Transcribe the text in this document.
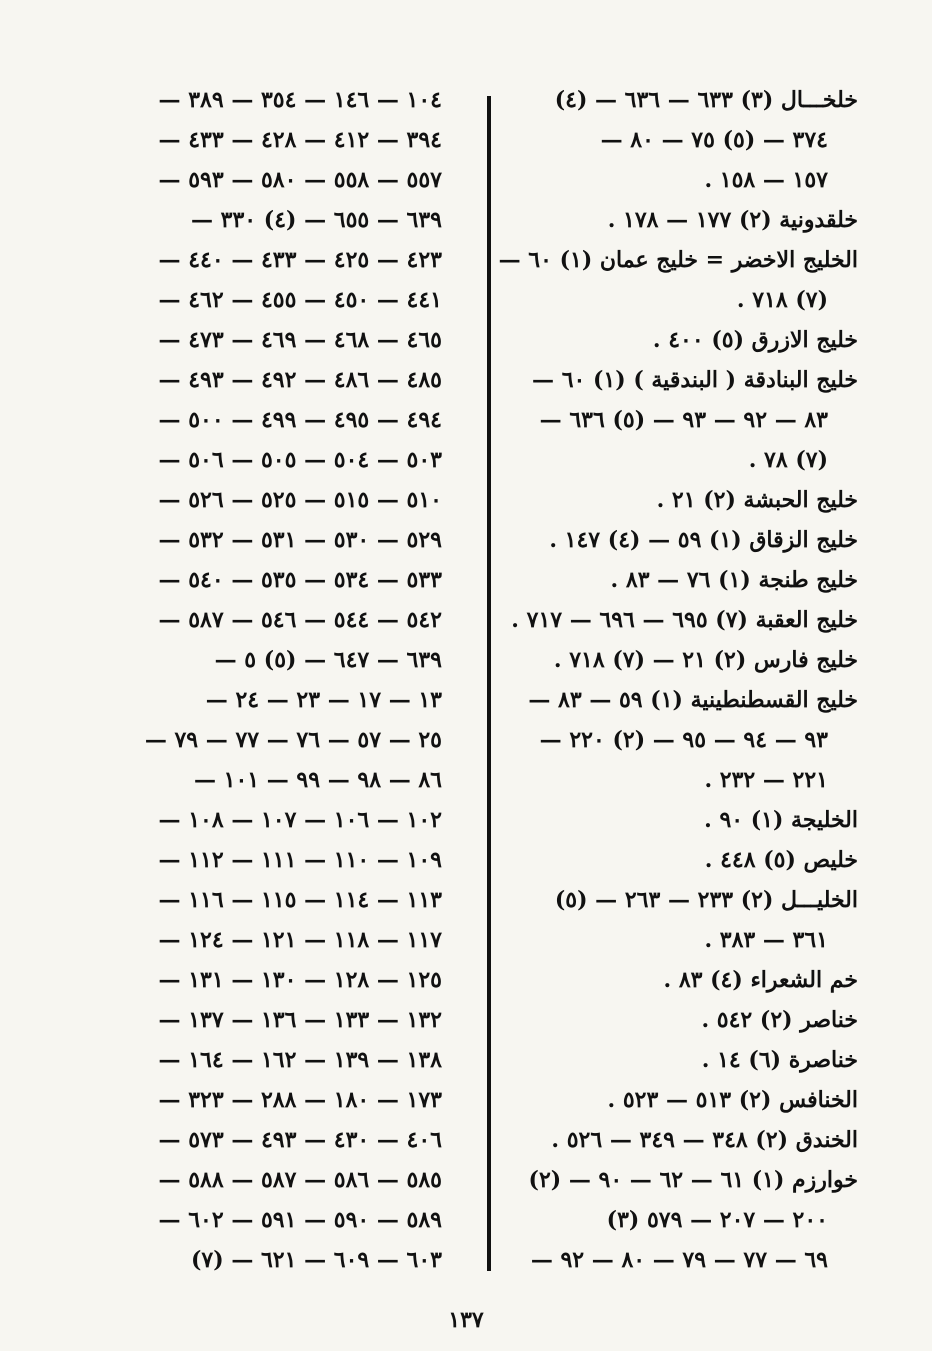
خلخـــال (٣) ٦٣٣ — ٦٣٦ — (٤)
٣٧٤ — (٥) ٧٥ — ٨٠ —
١٥٧ — ١٥٨ .
خلقدونية (٢) ١٧٧ — ١٧٨ .
الخليج الاخضر = خليج عمان (١) ٦٠ —
(٧) ٧١٨ .
خليج الازرق (٥) ٤٠٠ .
خليج البنادقة ( البندقية ) (١) ٦٠ —
٨٣ — ٩٢ — ٩٣ — (٥) ٦٣٦ —
(٧) ٧٨ .
خليج الحبشة (٢) ٢١ .
خليج الزقاق (١) ٥٩ — (٤) ١٤٧ .
خليج طنجة (١) ٧٦ — ٨٣ .
خليج العقبة (٧) ٦٩٥ — ٦٩٦ — ٧١٧ .
خليج فارس (٢) ٢١ — (٧) ٧١٨ .
خليج القسطنطينية (١) ٥٩ — ٨٣ —
٩٣ — ٩٤ — ٩٥ — (٢) ٢٢٠ —
٢٢١ — ٢٣٢ .
الخليجة (١) ٩٠ .
خليص (٥) ٤٤٨ .
الخليـــل (٢) ٢٣٣ — ٢٦٣ — (٥)
٣٦١ — ٣٨٣ .
خم الشعراء (٤) ٨٣ .
خناصر (٢) ٥٤٢ .
خناصرة (٦) ١٤ .
الخنافس (٢) ٥١٣ — ٥٢٣ .
الخندق (٢) ٣٤٨ — ٣٤٩ — ٥٢٦ .
خوارزم (١) ٦١ — ٦٢ — ٩٠ — (٢)
٢٠٠ — ٢٠٧ — ٥٧٩ (٣)
٦٩ — ٧٧ — ٧٩ — ٨٠ — ٩٢ —
١٠٤ — ١٤٦ — ٣٥٤ — ٣٨٩ —
٣٩٤ — ٤١٢ — ٤٢٨ — ٤٣٣ —
٥٥٧ — ٥٥٨ — ٥٨٠ — ٥٩٣ —
٦٣٩ — ٦٥٥ — (٤) ٣٣٠ —
٤٢٣ — ٤٢٥ — ٤٣٣ — ٤٤٠ —
٤٤١ — ٤٥٠ — ٤٥٥ — ٤٦٢ —
٤٦٥ — ٤٦٨ — ٤٦٩ — ٤٧٣ —
٤٨٥ — ٤٨٦ — ٤٩٢ — ٤٩٣ —
٤٩٤ — ٤٩٥ — ٤٩٩ — ٥٠٠ —
٥٠٣ — ٥٠٤ — ٥٠٥ — ٥٠٦ —
٥١٠ — ٥١٥ — ٥٢٥ — ٥٢٦ —
٥٢٩ — ٥٣٠ — ٥٣١ — ٥٣٢ —
٥٣٣ — ٥٣٤ — ٥٣٥ — ٥٤٠ —
٥٤٢ — ٥٤٤ — ٥٤٦ — ٥٨٧ —
٦٣٩ — ٦٤٧ — (٥) ٥ —
١٣ — ١٧ — ٢٣ — ٢٤ —
٢٥ — ٥٧ — ٧٦ — ٧٧ — ٧٩ —
٨٦ — ٩٨ — ٩٩ — ١٠١ —
١٠٢ — ١٠٦ — ١٠٧ — ١٠٨ —
١٠٩ — ١١٠ — ١١١ — ١١٢ —
١١٣ — ١١٤ — ١١٥ — ١١٦ —
١١٧ — ١١٨ — ١٢١ — ١٢٤ —
١٢٥ — ١٢٨ — ١٣٠ — ١٣١ —
١٣٢ — ١٣٣ — ١٣٦ — ١٣٧ —
١٣٨ — ١٣٩ — ١٦٢ — ١٦٤ —
١٧٣ — ١٨٠ — ٢٨٨ — ٣٢٣ —
٤٠٦ — ٤٣٠ — ٤٩٣ — ٥٧٣ —
٥٨٥ — ٥٨٦ — ٥٨٧ — ٥٨٨ —
٥٨٩ — ٥٩٠ — ٥٩١ — ٦٠٢ —
٦٠٣ — ٦٠٩ — ٦٢١ — (٧)
١٣٧
